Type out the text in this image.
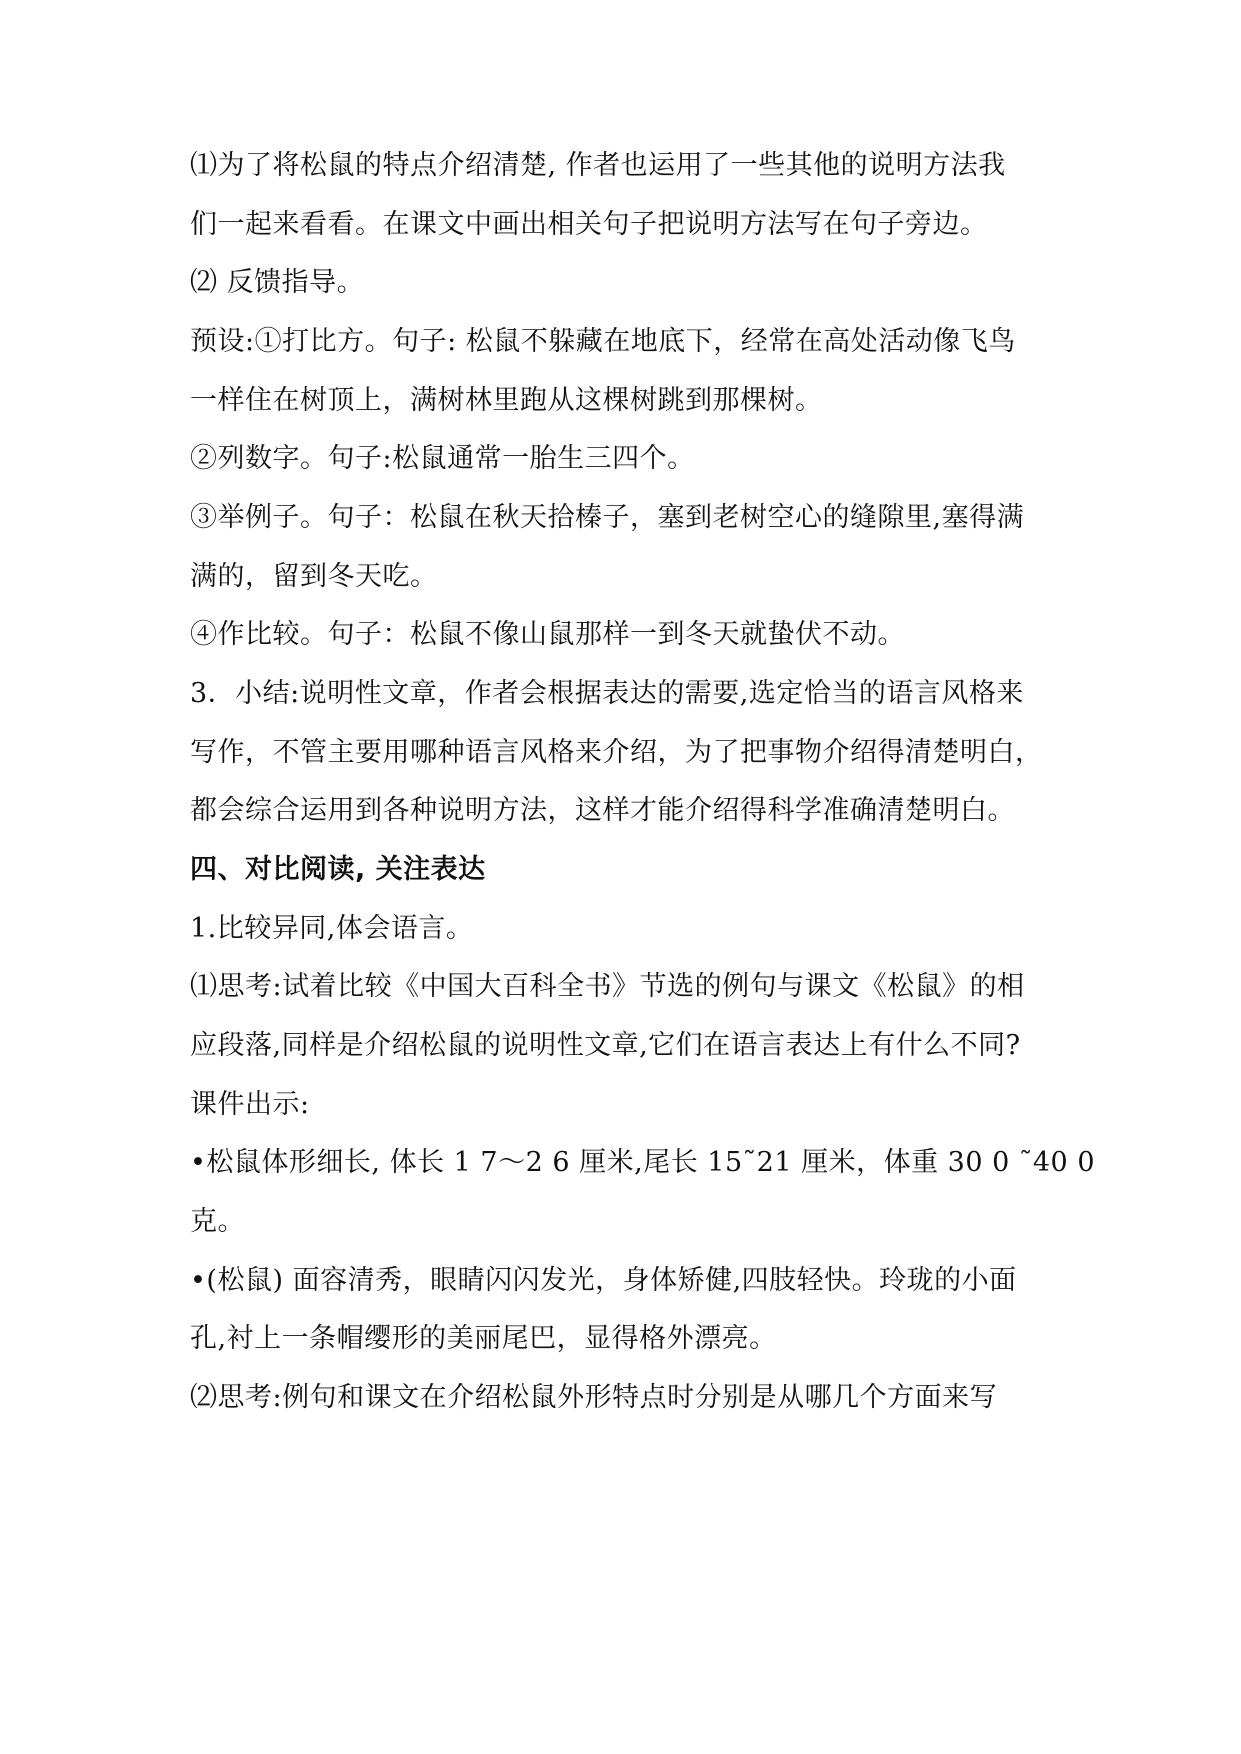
⑴为了将松鼠的特点介绍清楚, 作者也运用了一些其他的说明方法我
们一起来看看。在课文中画出相关句子把说明方法写在句子旁边。
⑵ 反馈指导。
预设:①打比方。句子: 松鼠不躲藏在地底下，经常在高处活动像飞鸟
一样住在树顶上，满树林里跑从这棵树跳到那棵树。
②列数字。句子:松鼠通常一胎生三四个。
③举例子。句子：松鼠在秋天拾榛子，塞到老树空心的缝隙里,塞得满
满的，留到冬天吃。
④作比较。句子：松鼠不像山鼠那样一到冬天就蛰伏不动。
3．小结:说明性文章，作者会根据表达的需要,选定恰当的语言风格来
写作，不管主要用哪种语言风格来介绍，为了把事物介绍得清楚明白，
都会综合运用到各种说明方法，这样才能介绍得科学准确清楚明白。
四、对比阅读, 关注表达
1.比较异同,体会语言。
⑴思考:试着比较《中国大百科全书》节选的例句与课文《松鼠》的相
应段落,同样是介绍松鼠的说明性文章,它们在语言表达上有什么不同?
课件出示:
•松鼠体形细长, 体长 1 7～2 6 厘米,尾长 15˜21 厘米，体重 30 0 ˜40 0
克。
•(松鼠) 面容清秀，眼睛闪闪发光，身体矫健,四肢轻快。玲珑的小面
孔,衬上一条帽缨形的美丽尾巴，显得格外漂亮。
⑵思考:例句和课文在介绍松鼠外形特点时分别是从哪几个方面来写
